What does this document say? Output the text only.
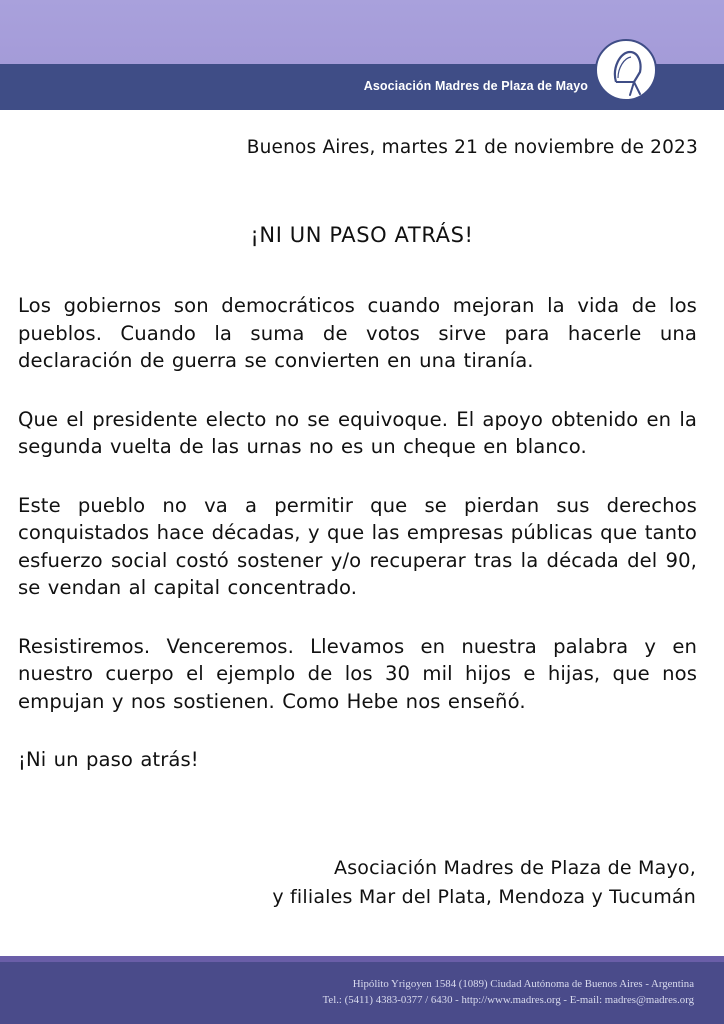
Asociación Madres de Plaza de Mayo
Buenos Aires, martes 21 de noviembre de 2023
¡NI UN PASO ATRÁS!

Los gobiernos son democráticos cuando mejoran la vida de los pueblos. Cuando la suma de votos sirve para hacerle una declaración de guerra se convierten en una tiranía.

Que el presidente electo no se equivoque. El apoyo obtenido en la segunda vuelta de las urnas no es un cheque en blanco.

Este pueblo no va a permitir que se pierdan sus derechos conquistados hace décadas, y que las empresas públicas que tanto esfuerzo social costó sostener y/o recuperar tras la década del 90, se vendan al capital concentrado.

Resistiremos. Venceremos. Llevamos en nuestra palabra y en nuestro cuerpo el ejemplo de los 30 mil hijos e hijas, que nos empujan y nos sostienen. Como Hebe nos enseñó.

¡Ni un paso atrás!

Asociación Madres de Plaza de Mayo,
y filiales Mar del Plata, Mendoza y Tucumán
Hipólito Yrigoyen 1584 (1089) Ciudad Autónoma de Buenos Aires - Argentina
Tel.: (5411) 4383-0377 / 6430 - http://www.madres.org - E-mail: madres@madres.org
